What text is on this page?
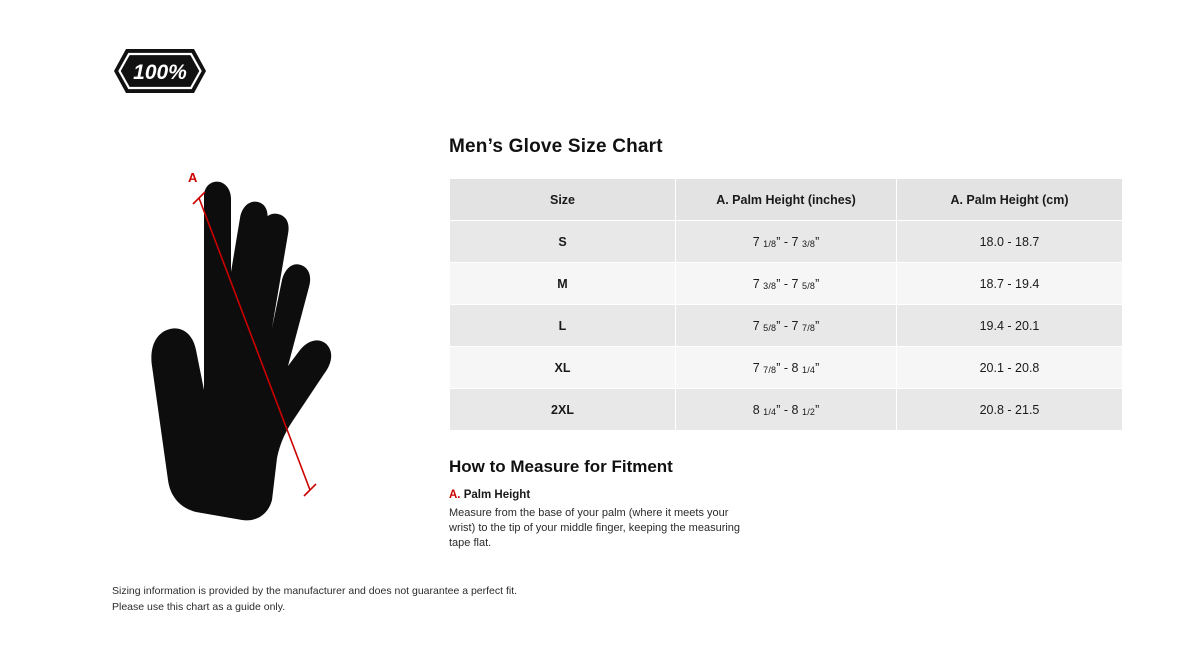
100%
A
Men’s Glove Size Chart
Size	A. Palm Height (inches)	A. Palm Height (cm)
S	7 1/8” - 7 3/8”	18.0 - 18.7
M	7 3/8” - 7 5/8”	18.7 - 19.4
L	7 5/8” - 7 7/8”	19.4 - 20.1
XL	7 7/8” - 8 1/4”	20.1 - 20.8
2XL	8 1/4” - 8 1/2”	20.8 - 21.5
How to Measure for Fitment

A. Palm Height

Measure from the base of your palm (where it meets your wrist) to the tip of your middle finger, keeping the measuring tape flat.

Sizing information is provided by the manufacturer and does not guarantee a perfect fit.

Please use this chart as a guide only.
